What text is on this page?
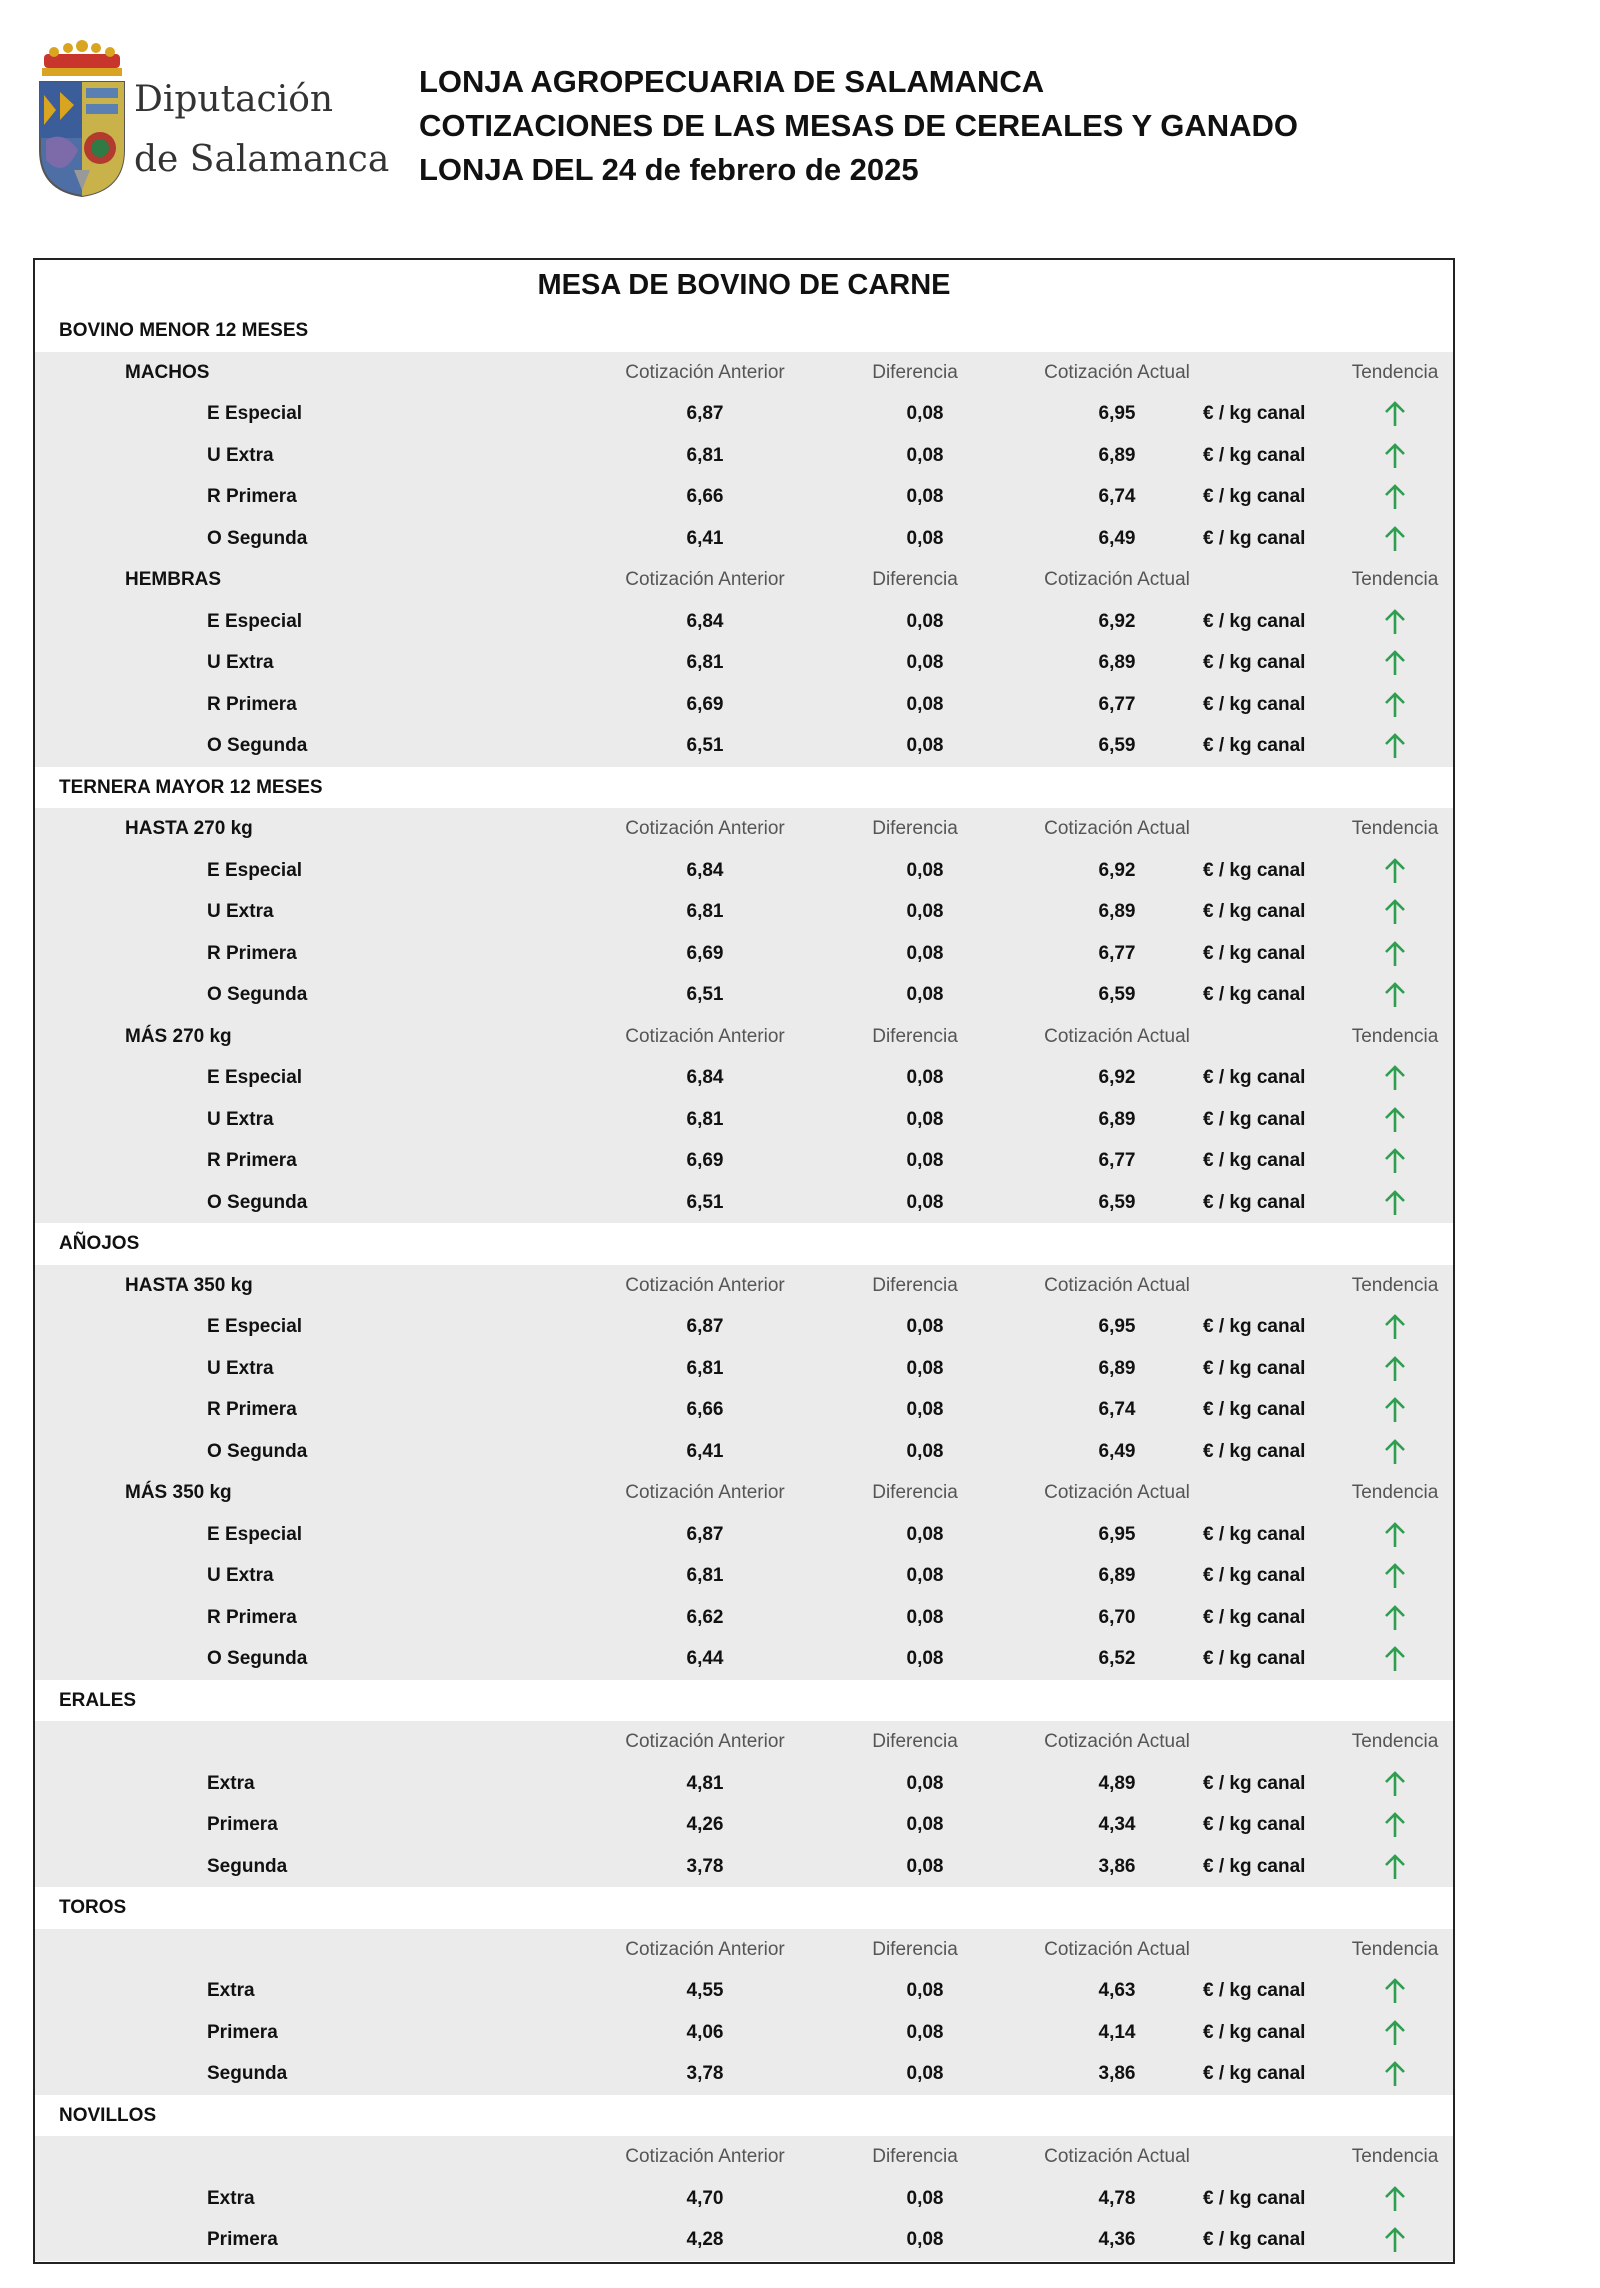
Diputación
de Salamanca
LONJA AGROPECUARIA DE SALAMANCA
COTIZACIONES DE LAS MESAS DE CEREALES Y GANADO
LONJA DEL 24 de febrero de 2025
MESA DE BOVINO DE CARNE
BOVINO MENOR 12 MESES
MACHOS	Cotización Anterior	Diferencia	Cotización Actual	Tendencia
E Especial	6,87	0,08	6,95	€ / kg canal
U Extra	6,81	0,08	6,89	€ / kg canal
R Primera	6,66	0,08	6,74	€ / kg canal
O Segunda	6,41	0,08	6,49	€ / kg canal
HEMBRAS	Cotización Anterior	Diferencia	Cotización Actual	Tendencia
E Especial	6,84	0,08	6,92	€ / kg canal
U Extra	6,81	0,08	6,89	€ / kg canal
R Primera	6,69	0,08	6,77	€ / kg canal
O Segunda	6,51	0,08	6,59	€ / kg canal
TERNERA MAYOR 12 MESES
HASTA 270 kg	Cotización Anterior	Diferencia	Cotización Actual	Tendencia
E Especial	6,84	0,08	6,92	€ / kg canal
U Extra	6,81	0,08	6,89	€ / kg canal
R Primera	6,69	0,08	6,77	€ / kg canal
O Segunda	6,51	0,08	6,59	€ / kg canal
MÁS 270 kg	Cotización Anterior	Diferencia	Cotización Actual	Tendencia
E Especial	6,84	0,08	6,92	€ / kg canal
U Extra	6,81	0,08	6,89	€ / kg canal
R Primera	6,69	0,08	6,77	€ / kg canal
O Segunda	6,51	0,08	6,59	€ / kg canal
AÑOJOS
HASTA 350 kg	Cotización Anterior	Diferencia	Cotización Actual	Tendencia
E Especial	6,87	0,08	6,95	€ / kg canal
U Extra	6,81	0,08	6,89	€ / kg canal
R Primera	6,66	0,08	6,74	€ / kg canal
O Segunda	6,41	0,08	6,49	€ / kg canal
MÁS 350 kg	Cotización Anterior	Diferencia	Cotización Actual	Tendencia
E Especial	6,87	0,08	6,95	€ / kg canal
U Extra	6,81	0,08	6,89	€ / kg canal
R Primera	6,62	0,08	6,70	€ / kg canal
O Segunda	6,44	0,08	6,52	€ / kg canal
ERALES
Cotización Anterior	Diferencia	Cotización Actual	Tendencia
Extra	4,81	0,08	4,89	€ / kg canal
Primera	4,26	0,08	4,34	€ / kg canal
Segunda	3,78	0,08	3,86	€ / kg canal
TOROS
Cotización Anterior	Diferencia	Cotización Actual	Tendencia
Extra	4,55	0,08	4,63	€ / kg canal
Primera	4,06	0,08	4,14	€ / kg canal
Segunda	3,78	0,08	3,86	€ / kg canal
NOVILLOS
Cotización Anterior	Diferencia	Cotización Actual	Tendencia
Extra	4,70	0,08	4,78	€ / kg canal
Primera	4,28	0,08	4,36	€ / kg canal
